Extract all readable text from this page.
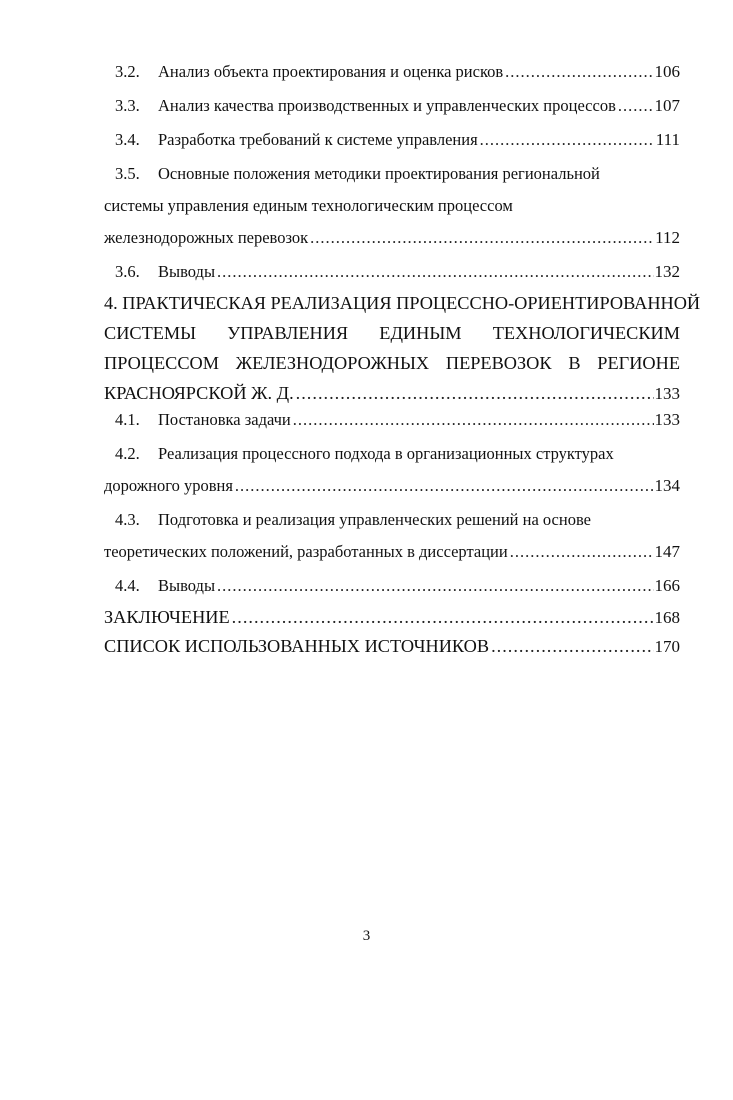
3.2. Анализ объекта проектирования и оценка рисков .....	106
3.3. Анализ качества производственных и управленческих процессов ..... 107
3.4. Разработка требований к системе управления .....	111
3.5. Основные положения методики проектирования региональной
системы управления единым технологическим процессом
железнодорожных перевозок .....	112
3.6. Выводы .....	132
4. ПРАКТИЧЕСКАЯ РЕАЛИЗАЦИЯ ПРОЦЕССНО-ОРИЕНТИРОВАННОЙ
СИСТЕМЫ УПРАВЛЕНИЯ ЕДИНЫМ ТЕХНОЛОГИЧЕСКИМ
ПРОЦЕССОМ ЖЕЛЕЗНОДОРОЖНЫХ ПЕРЕВОЗОК В РЕГИОНЕ
КРАСНОЯРСКОЙ Ж. Д. .....	133
4.1. Постановка задачи .....	133
4.2. Реализация процессного подхода в организационных структурах
дорожного уровня .....	134
4.3. Подготовка и реализация управленческих решений на основе
теоретических положений, разработанных в диссертации .....	147
4.4. Выводы .....	166
ЗАКЛЮЧЕНИЕ .....	168
СПИСОК ИСПОЛЬЗОВАННЫХ ИСТОЧНИКОВ .....	170
3
